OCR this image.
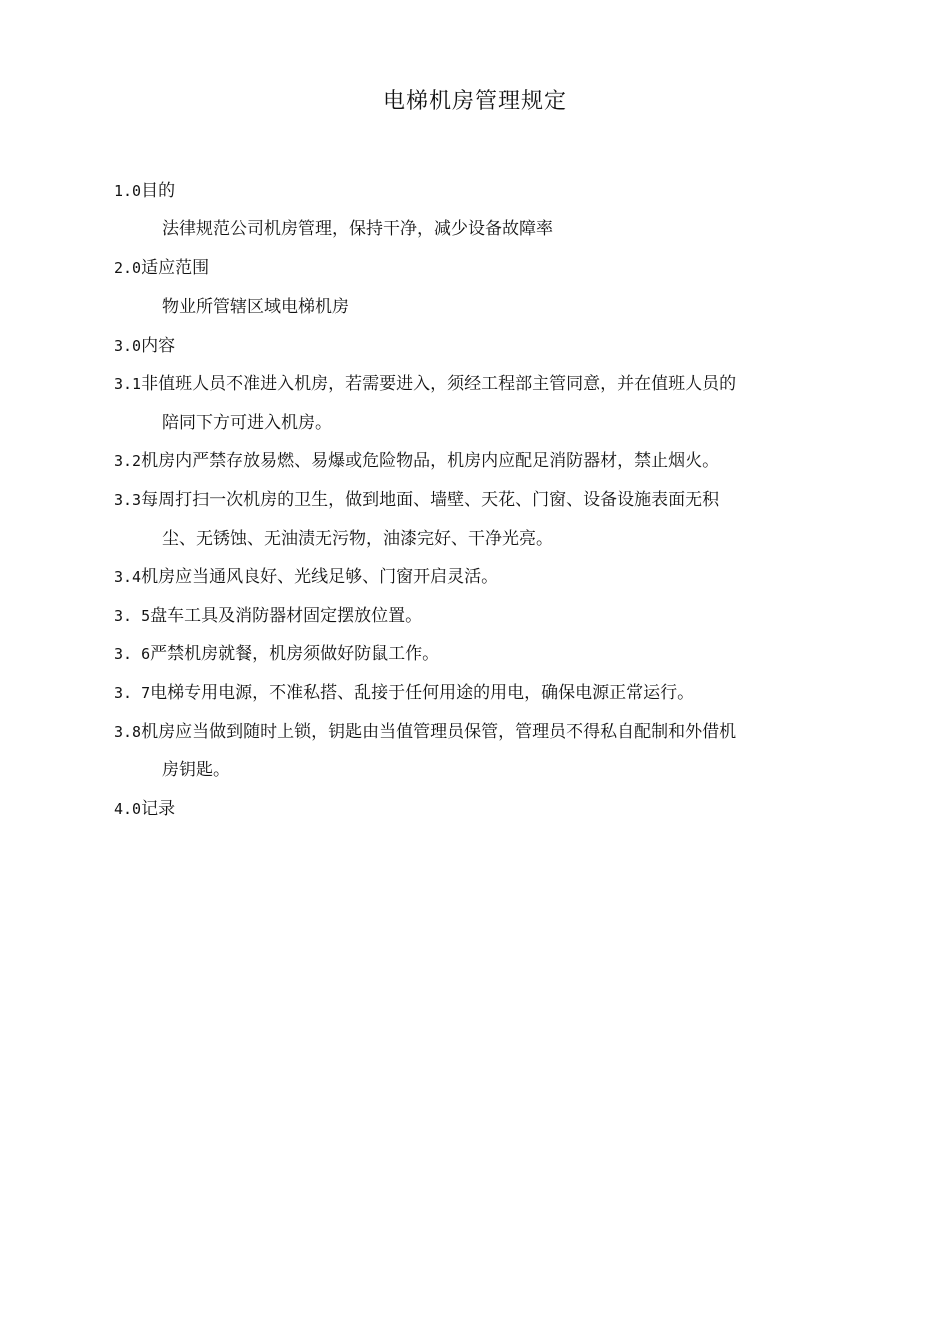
电梯机房管理规定
1.0目的
法律规范公司机房管理，保持干净，减少设备故障率
2.0适应范围
物业所管辖区域电梯机房
3.0内容
3.1非值班人员不准进入机房，若需要进入，须经工程部主管同意，并在值班人员的
陪同下方可进入机房。
3.2机房内严禁存放易燃、易爆或危险物品，机房内应配足消防器材，禁止烟火。
3.3每周打扫一次机房的卫生，做到地面、墙壁、天花、门窗、设备设施表面无积
尘、无锈蚀、无油渍无污物，油漆完好、干净光亮。
3.4机房应当通风良好、光线足够、门窗开启灵活。
3. 5盘车工具及消防器材固定摆放位置。
3. 6严禁机房就餐，机房须做好防鼠工作。
3. 7电梯专用电源，不准私搭、乱接于任何用途的用电，确保电源正常运行。
3.8机房应当做到随时上锁，钥匙由当值管理员保管，管理员不得私自配制和外借机
房钥匙。
4.0记录
